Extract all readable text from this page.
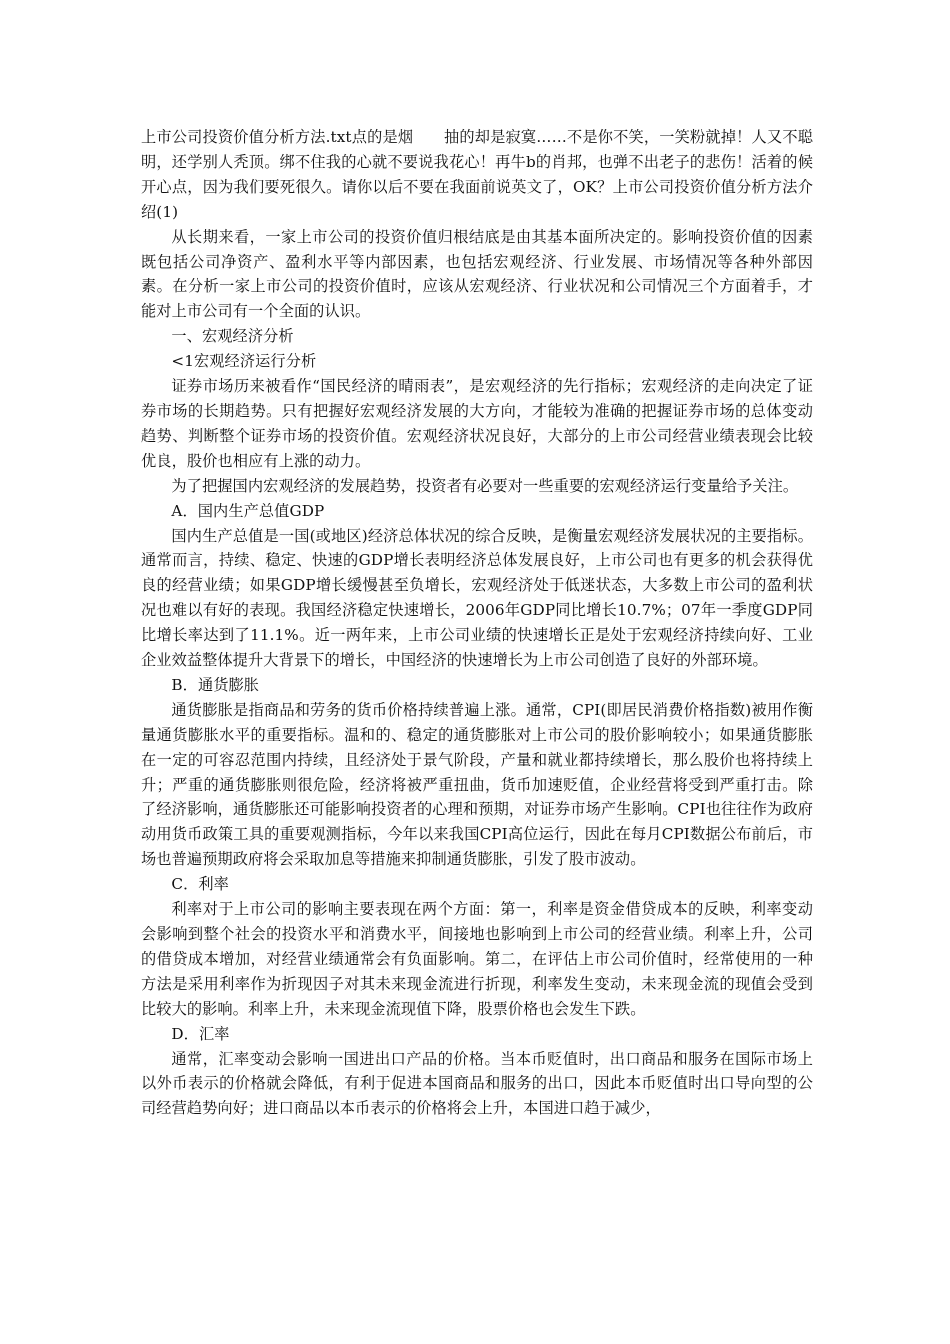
上市公司投资价值分析方法.txt点的是烟　　抽的却是寂寞……不是你不笑，一笑粉就掉！人又不聪明，还学别人秃顶。绑不住我的心就不要说我花心！再牛b的肖邦，也弹不出老子的悲伤！活着的候开心点，因为我们要死很久。请你以后不要在我面前说英文了，OK？上市公司投资价值分析方法介绍(1)

从长期来看，一家上市公司的投资价值归根结底是由其基本面所决定的。影响投资价值的因素既包括公司净资产、盈利水平等内部因素，也包括宏观经济、行业发展、市场情况等各种外部因素。在分析一家上市公司的投资价值时，应该从宏观经济、行业状况和公司情况三个方面着手，才能对上市公司有一个全面的认识。

一、宏观经济分析

<1宏观经济运行分析

证券市场历来被看作“国民经济的晴雨表”，是宏观经济的先行指标；宏观经济的走向决定了证券市场的长期趋势。只有把握好宏观经济发展的大方向，才能较为准确的把握证券市场的总体变动趋势、判断整个证券市场的投资价值。宏观经济状况良好，大部分的上市公司经营业绩表现会比较优良，股价也相应有上涨的动力。

为了把握国内宏观经济的发展趋势，投资者有必要对一些重要的宏观经济运行变量给予关注。

A．国内生产总值GDP

国内生产总值是一国(或地区)经济总体状况的综合反映，是衡量宏观经济发展状况的主要指标。通常而言，持续、稳定、快速的GDP增长表明经济总体发展良好，上市公司也有更多的机会获得优良的经营业绩；如果GDP增长缓慢甚至负增长，宏观经济处于低迷状态，大多数上市公司的盈利状况也难以有好的表现。我国经济稳定快速增长，2006年GDP同比增长10.7%；07年一季度GDP同比增长率达到了11.1%。近一两年来，上市公司业绩的快速增长正是处于宏观经济持续向好、工业企业效益整体提升大背景下的增长，中国经济的快速增长为上市公司创造了良好的外部环境。

B．通货膨胀

通货膨胀是指商品和劳务的货币价格持续普遍上涨。通常，CPI(即居民消费价格指数)被用作衡量通货膨胀水平的重要指标。温和的、稳定的通货膨胀对上市公司的股价影响较小；如果通货膨胀在一定的可容忍范围内持续，且经济处于景气阶段，产量和就业都持续增长，那么股价也将持续上升；严重的通货膨胀则很危险，经济将被严重扭曲，货币加速贬值，企业经营将受到严重打击。除了经济影响，通货膨胀还可能影响投资者的心理和预期，对证券市场产生影响。CPI也往往作为政府动用货币政策工具的重要观测指标，今年以来我国CPI高位运行，因此在每月CPI数据公布前后，市场也普遍预期政府将会采取加息等措施来抑制通货膨胀，引发了股市波动。

C．利率

利率对于上市公司的影响主要表现在两个方面：第一，利率是资金借贷成本的反映，利率变动会影响到整个社会的投资水平和消费水平，间接地也影响到上市公司的经营业绩。利率上升，公司的借贷成本增加，对经营业绩通常会有负面影响。第二，在评估上市公司价值时，经常使用的一种方法是采用利率作为折现因子对其未来现金流进行折现，利率发生变动，未来现金流的现值会受到比较大的影响。利率上升，未来现金流现值下降，股票价格也会发生下跌。

D．汇率

通常，汇率变动会影响一国进出口产品的价格。当本币贬值时，出口商品和服务在国际市场上以外币表示的价格就会降低，有利于促进本国商品和服务的出口，因此本币贬值时出口导向型的公司经营趋势向好；进口商品以本币表示的价格将会上升，本国进口趋于减少，
